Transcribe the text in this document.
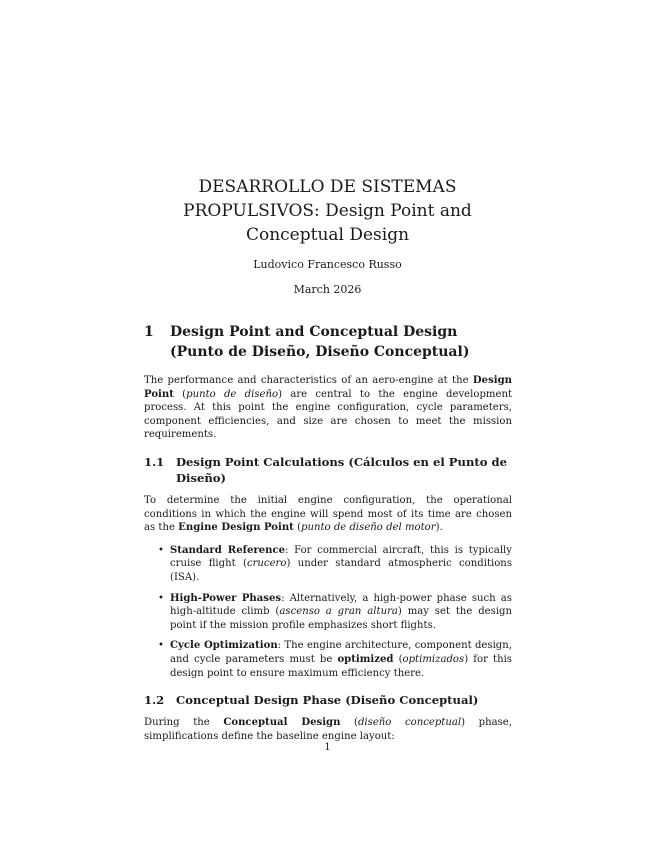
DESARROLLO DE SISTEMAS PROPULSIVOS: Design Point and Conceptual Design
Ludovico Francesco Russo
March 2026
1	Design Point and Conceptual Design (Punto de Diseño, Diseño Conceptual)

The performance and characteristics of an aero-engine at the Design Point (punto de diseño) are central to the engine development process. At this point the engine configuration, cycle parameters, component efficiencies, and size are chosen to meet the mission requirements.

1.1	Design Point Calculations (Cálculos en el Punto de Diseño)

To determine the initial engine configuration, the operational conditions in which the engine will spend most of its time are chosen as the Engine Design Point (punto de diseño del motor).

• Standard Reference: For commercial aircraft, this is typically cruise flight (crucero) under standard atmospheric conditions (ISA).
• High-Power Phases: Alternatively, a high-power phase such as high-altitude climb (ascenso a gran altura) may set the design point if the mission profile emphasizes short flights.
• Cycle Optimization: The engine architecture, component design, and cycle parameters must be optimized (optimizados) for this design point to ensure maximum efficiency there.
1.2	Conceptual Design Phase (Diseño Conceptual)

During the Conceptual Design (diseño conceptual) phase, simplifications define the baseline engine layout:

1
